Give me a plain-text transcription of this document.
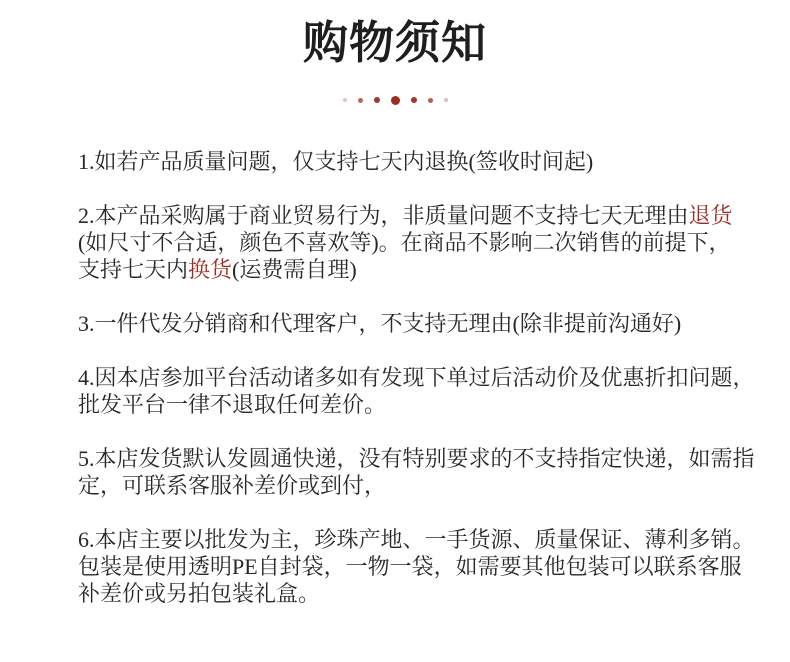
购物须知
1.如若产品质量问题，仅支持七天内退换(签收时间起)
2.本产品采购属于商业贸易行为，非质量问题不支持七天无理由退货
(如尺寸不合适，颜色不喜欢等)。在商品不影响二次销售的前提下，
支持七天内换货(运费需自理)
3.一件代发分销商和代理客户，不支持无理由(除非提前沟通好)
4.因本店参加平台活动诸多如有发现下单过后活动价及优惠折扣问题，
批发平台一律不退取任何差价。
5.本店发货默认发圆通快递，没有特别要求的不支持指定快递，如需指
定，可联系客服补差价或到付，
6.本店主要以批发为主，珍珠产地、一手货源、质量保证、薄利多销。
包装是使用透明PE自封袋，一物一袋，如需要其他包装可以联系客服
补差价或另拍包装礼盒。
